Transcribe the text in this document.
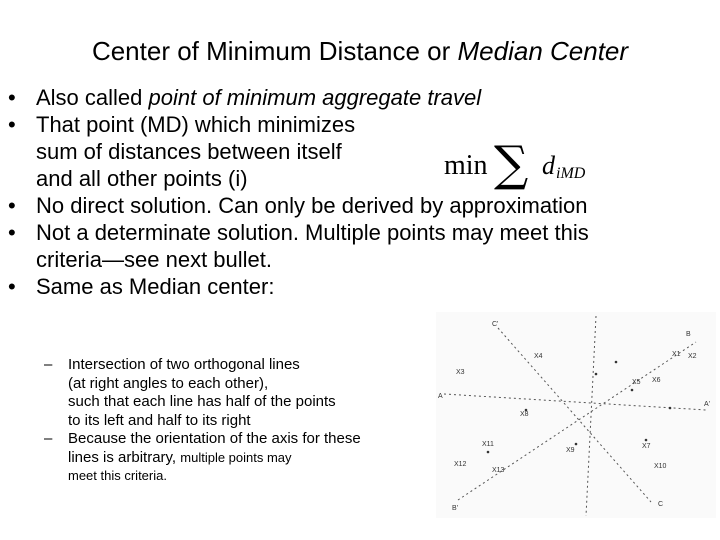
Center of Minimum Distance or Median Center
• Also called point of minimum aggregate travel
• That point (MD) which minimizes
sum of distances between itself
and all other points (i)
• No direct solution. Can only be derived by approximation
• Not a determinate solution. Multiple points may meet this
criteria—see next bullet.
• Same as Median center:
– Intersection of two orthogonal lines
(at right angles to each other),
such that each line has half of the points
to its left and half to its right
– Because the orientation of the axis for these
lines is arbitrary, multiple points may
meet this criteria.
min ∑ d iMD
C'
A
A'
B
B'
C
X1 X2
X3
X4
X5 X6
X7
X8
X9
X10
X11
X12
X13
